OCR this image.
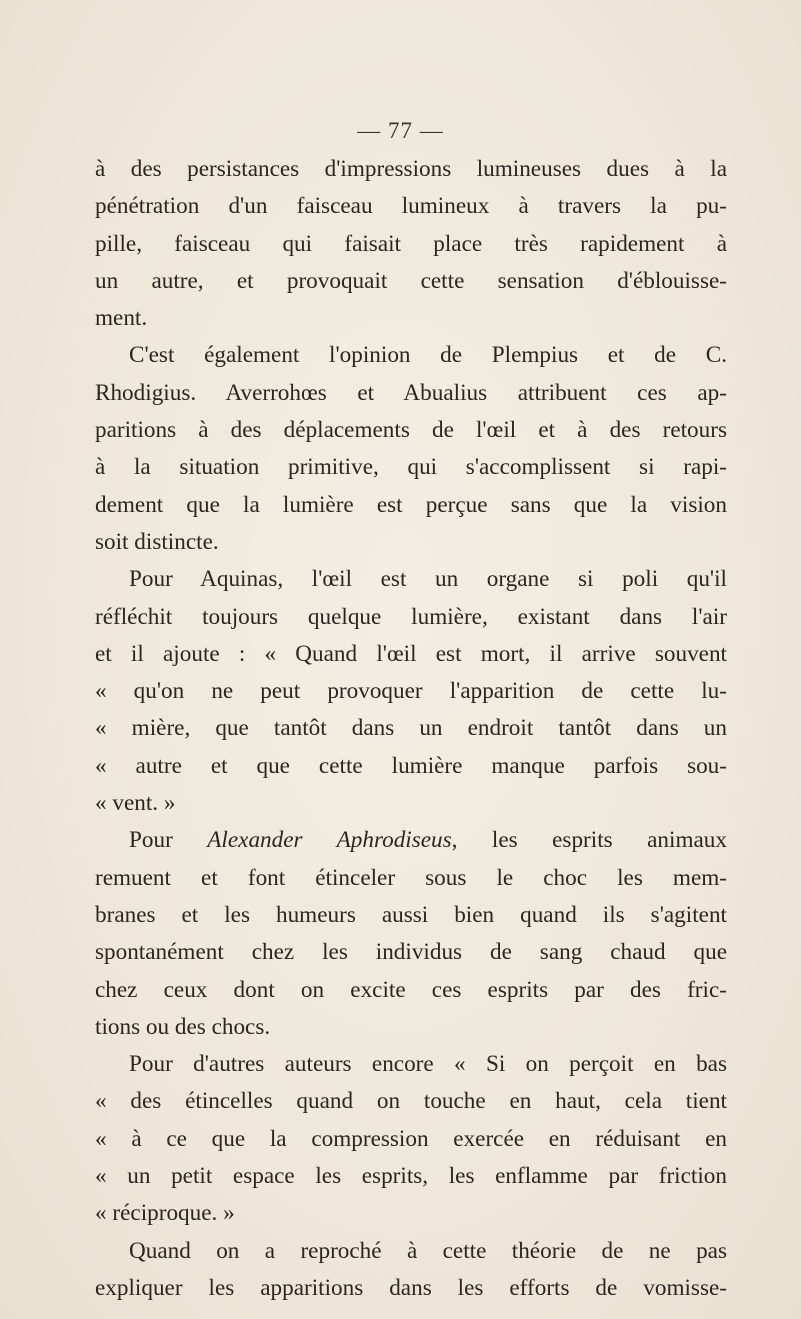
— 77 —
à des persistances d'impressions lumineuses dues à la
pénétration d'un faisceau lumineux à travers la pu-
pille, faisceau qui faisait place très rapidement à
un autre, et provoquait cette sensation d'éblouisse-
ment.
C'est également l'opinion de Plempius et de C.
Rhodigius. Averrohœs et Abualius attribuent ces ap-
paritions à des déplacements de l'œil et à des retours
à la situation primitive, qui s'accomplissent si rapi-
dement que la lumière est perçue sans que la vision
soit distincte.
Pour Aquinas, l'œil est un organe si poli qu'il
réfléchit toujours quelque lumière, existant dans l'air
et il ajoute : « Quand l'œil est mort, il arrive souvent
« qu'on ne peut provoquer l'apparition de cette lu-
« mière, que tantôt dans un endroit tantôt dans un
« autre et que cette lumière manque parfois sou-
« vent. »
Pour Alexander Aphrodiseus, les esprits animaux
remuent et font étinceler sous le choc les mem-
branes et les humeurs aussi bien quand ils s'agitent
spontanément chez les individus de sang chaud que
chez ceux dont on excite ces esprits par des fric-
tions ou des chocs.
Pour d'autres auteurs encore « Si on perçoit en bas
« des étincelles quand on touche en haut, cela tient
« à ce que la compression exercée en réduisant en
« un petit espace les esprits, les enflamme par friction
« réciproque. »
Quand on a reproché à cette théorie de ne pas
expliquer les apparitions dans les efforts de vomisse-
